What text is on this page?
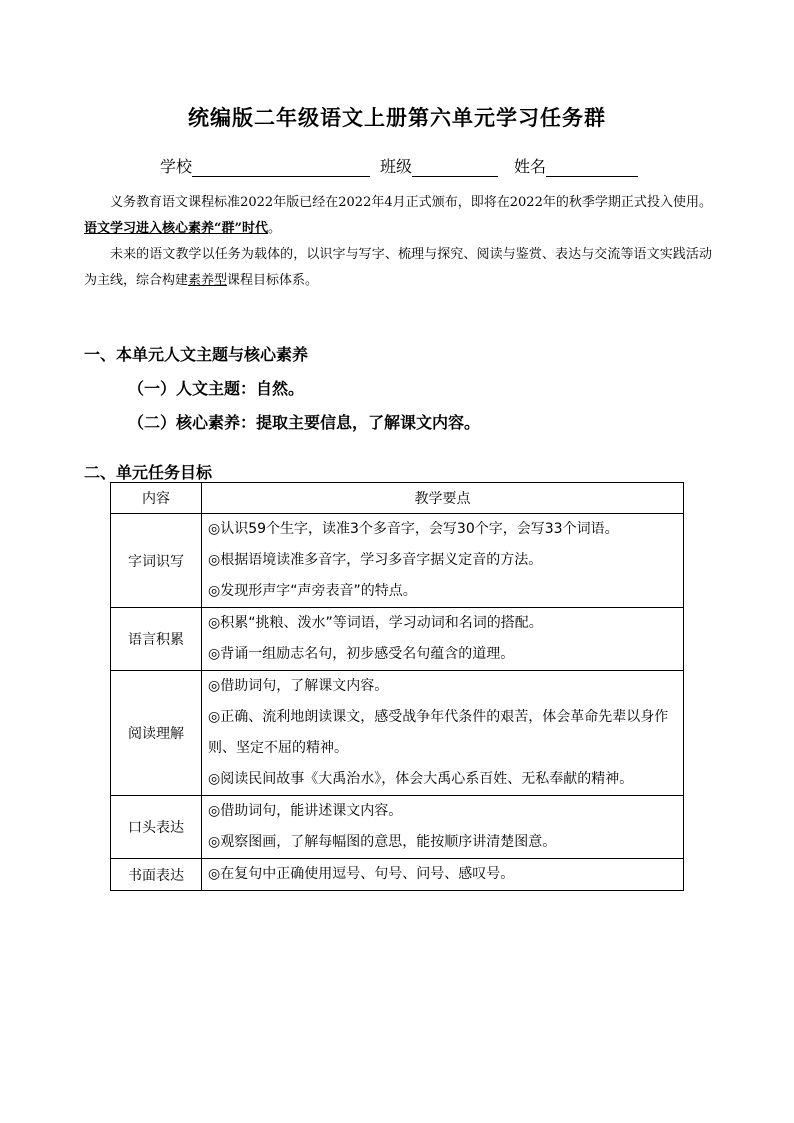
统编版二年级语文上册第六单元学习任务群
学校	班级	姓名

义务教育语文课程标准2022年版已经在2022年4月正式颁布，即将在2022年的秋季学期正式投入使用。语文学习进入核心素养“群”时代。

未来的语文教学以任务为载体的，以识字与写字、梳理与探究、阅读与鉴赏、表达与交流等语文实践活动为主线，综合构建素养型课程目标体系。

一、本单元人文主题与核心素养
（一）人文主题：自然。
（二）核心素养：提取主要信息，了解课文内容。
二、单元任务目标
内容	教学要点
字词识写	◎认识59个生字，读准3个多音字，会写30个字，会写33个词语。
◎根据语境读准多音字，学习多音字据义定音的方法。
◎发现形声字“声旁表音”的特点。

语言积累	◎积累“挑粮、泼水”等词语，学习动词和名词的搭配。
◎背诵一组励志名句，初步感受名句蕴含的道理。

阅读理解	◎借助词句，了解课文内容。
◎正确、流利地朗读课文，感受战争年代条件的艰苦，体会革命先辈以身作则、坚定不屈的精神。
◎阅读民间故事《大禹治水》，体会大禹心系百姓、无私奉献的精神。

口头表达	◎借助词句，能讲述课文内容。
◎观察图画，了解每幅图的意思，能按顺序讲清楚图意。

书面表达	◎在复句中正确使用逗号、句号、问号、感叹号。
